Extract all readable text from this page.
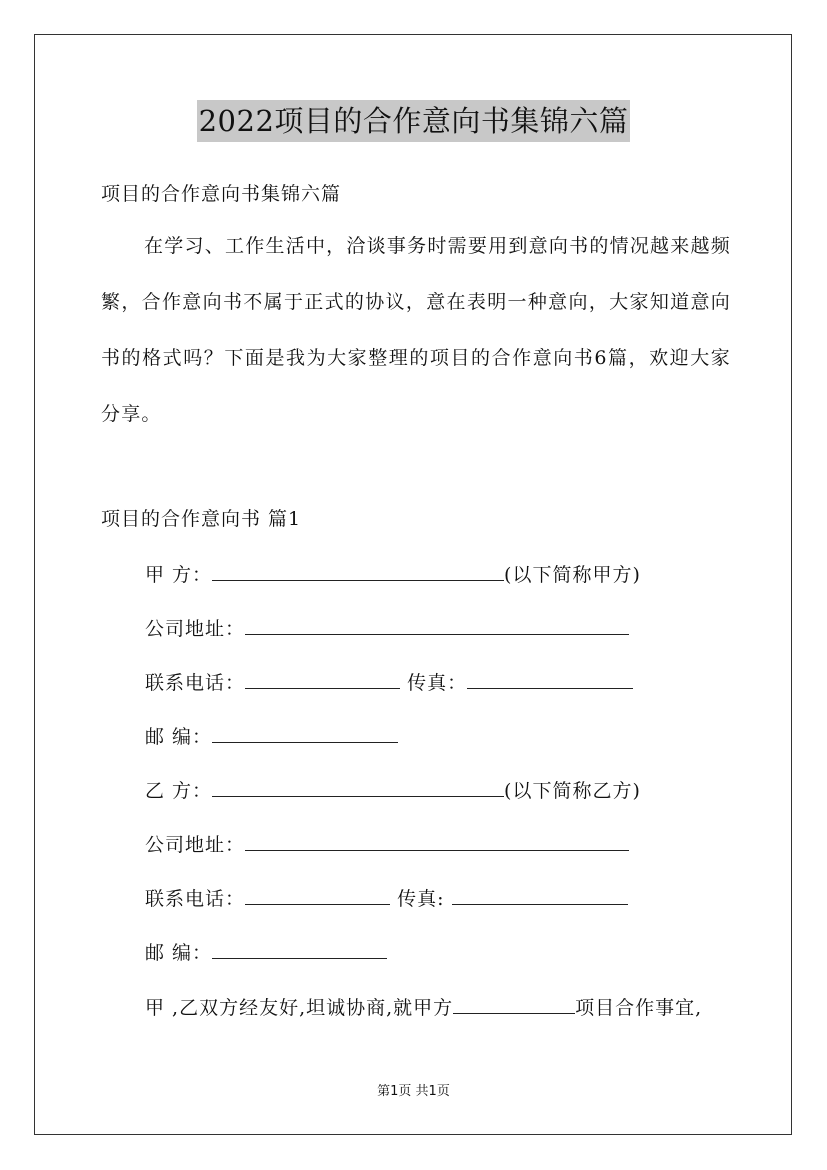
2022项目的合作意向书集锦六篇
项目的合作意向书集锦六篇

在学习、工作生活中，洽谈事务时需要用到意向书的情况越来越频繁，合作意向书不属于正式的协议，意在表明一种意向，大家知道意向书的格式吗？下面是我为大家整理的项目的合作意向书6篇，欢迎大家分享。

项目的合作意向书 篇1
甲 方：	(以下简称甲方)
公司地址：
联系电话：	传真：
邮 编：
乙 方：	(以下简称乙方)
公司地址：
联系电话：	传真:
邮 编：
甲 ,乙双方经友好,坦诚协商,就甲方	项目合作事宜,
第1页 共1页
